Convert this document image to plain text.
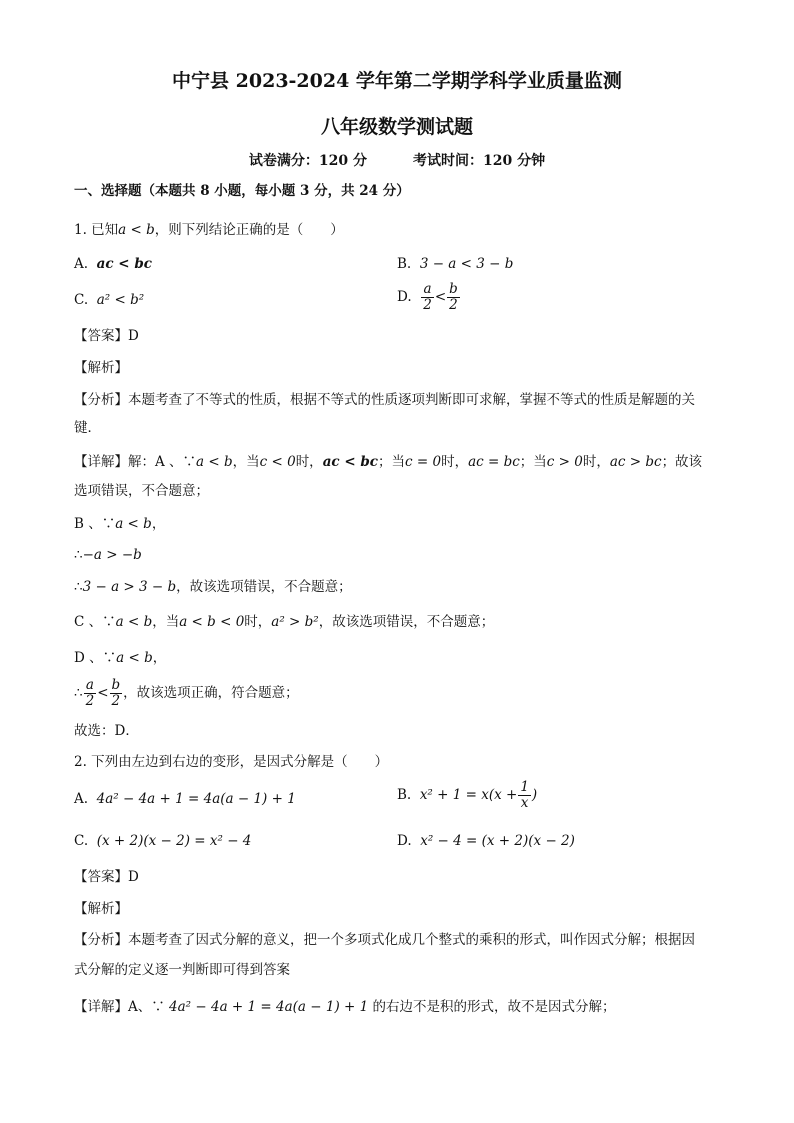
中宁县 2023-2024 学年第二学期学科学业质量监测
八年级数学测试题
试卷满分：120 分	考试时间：120 分钟
一、选择题（本题共 8 小题，每小题 3 分，共 24 分）
1. 已知a < b，则下列结论正确的是（　　）
A. ac < bc	B. 3 − a < 3 − b
C. a² < b²	D. $\frac{a}{2} < \frac{b}{2}$
【答案】D
【解析】
【分析】本题考查了不等式的性质，根据不等式的性质逐项判断即可求解，掌握不等式的性质是解题的关
键．
【详解】解：A 、∵a < b，当c < 0时，ac < bc；当c = 0时，ac = bc；当c > 0时，ac > bc；故该
选项错误，不合题意；
B 、∵a < b，
∴−a > −b
∴3 − a > 3 − b，故该选项错误，不合题意；
C 、∵a < b，当a < b < 0时，a² > b²，故该选项错误，不合题意；
D 、∵a < b，
∴ $\frac{a}{2} < \frac{b}{2}$ ，故该选项正确，符合题意；
故选：D．
2. 下列由左边到右边的变形，是因式分解是（　　）
A. 4a² − 4a + 1 = 4a(a − 1) + 1	B. $x^2 + 1 = x(x + \frac{1}{x}$ )
C. (x + 2)(x − 2) = x² − 4	D. x² − 4 = (x + 2)(x − 2)
【答案】D
【解析】
【分析】本题考查了因式分解的意义，把一个多项式化成几个整式的乘积的形式，叫作因式分解；根据因
式分解的定义逐一判断即可得到答案
【详解】A、∵ 4a² − 4a + 1 = 4a(a − 1) + 1 的右边不是积的形式，故不是因式分解；
